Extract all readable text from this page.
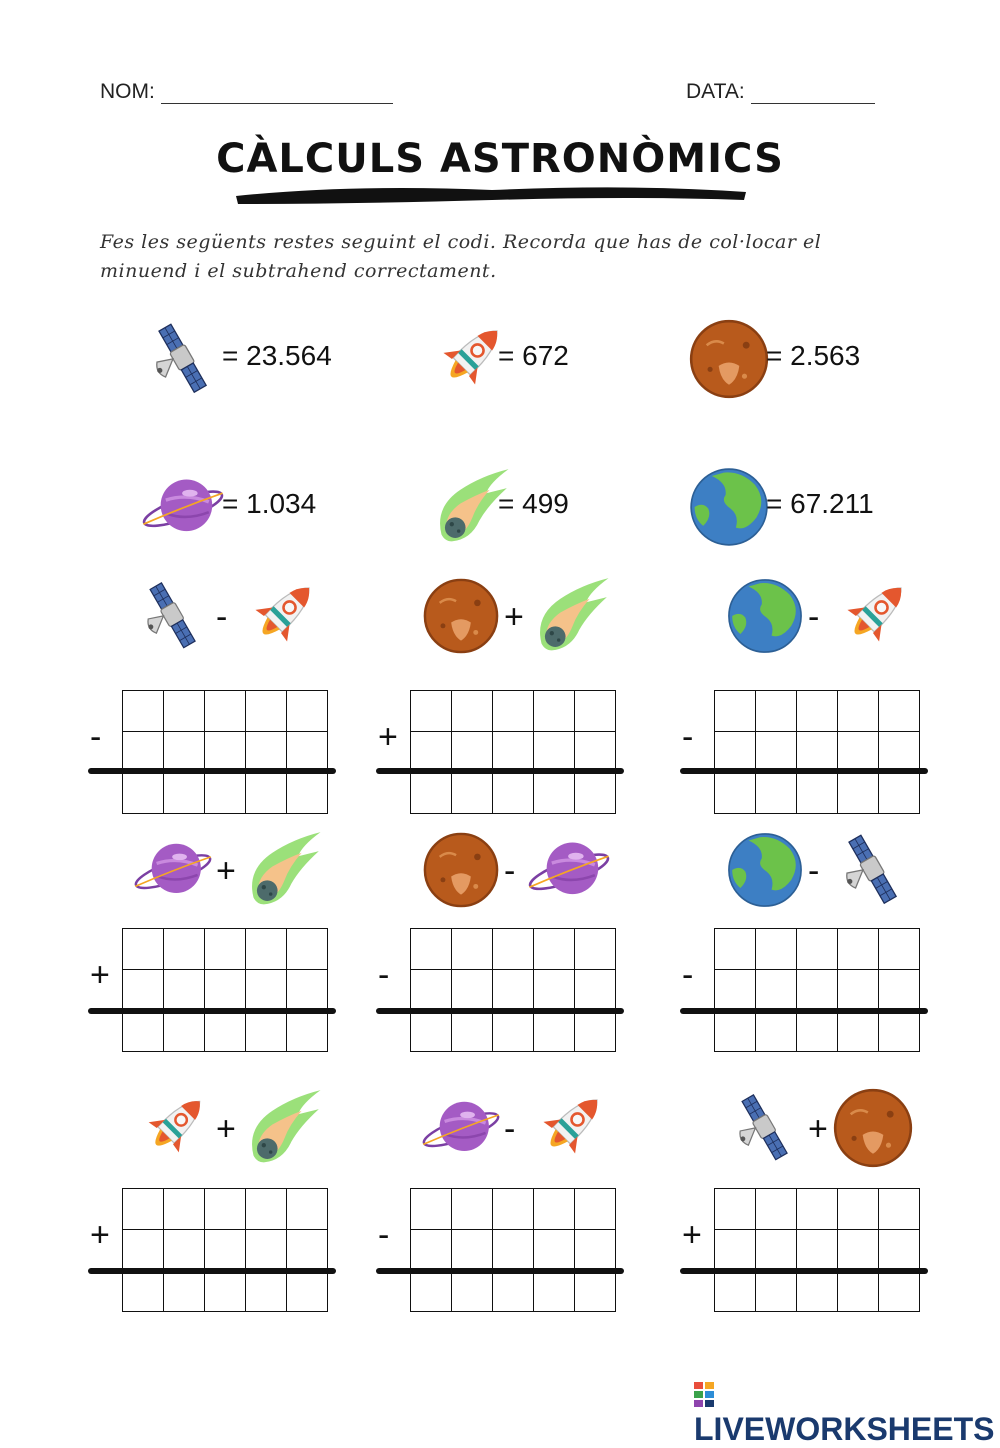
NOM:	DATA:
CÀLCULS ASTRONÒMICS
Fes les següents restes seguint el codi. Recorda que has de col·locar el minuend i el subtrahend correctament.
= 23.564	= 672	= 2.563
= 1.034	= 499	= 67.211
-
-

+
+

-
-

+
+

-
-

-
-

+
+

-
-

+
+

LIVEWORKSHEETS
